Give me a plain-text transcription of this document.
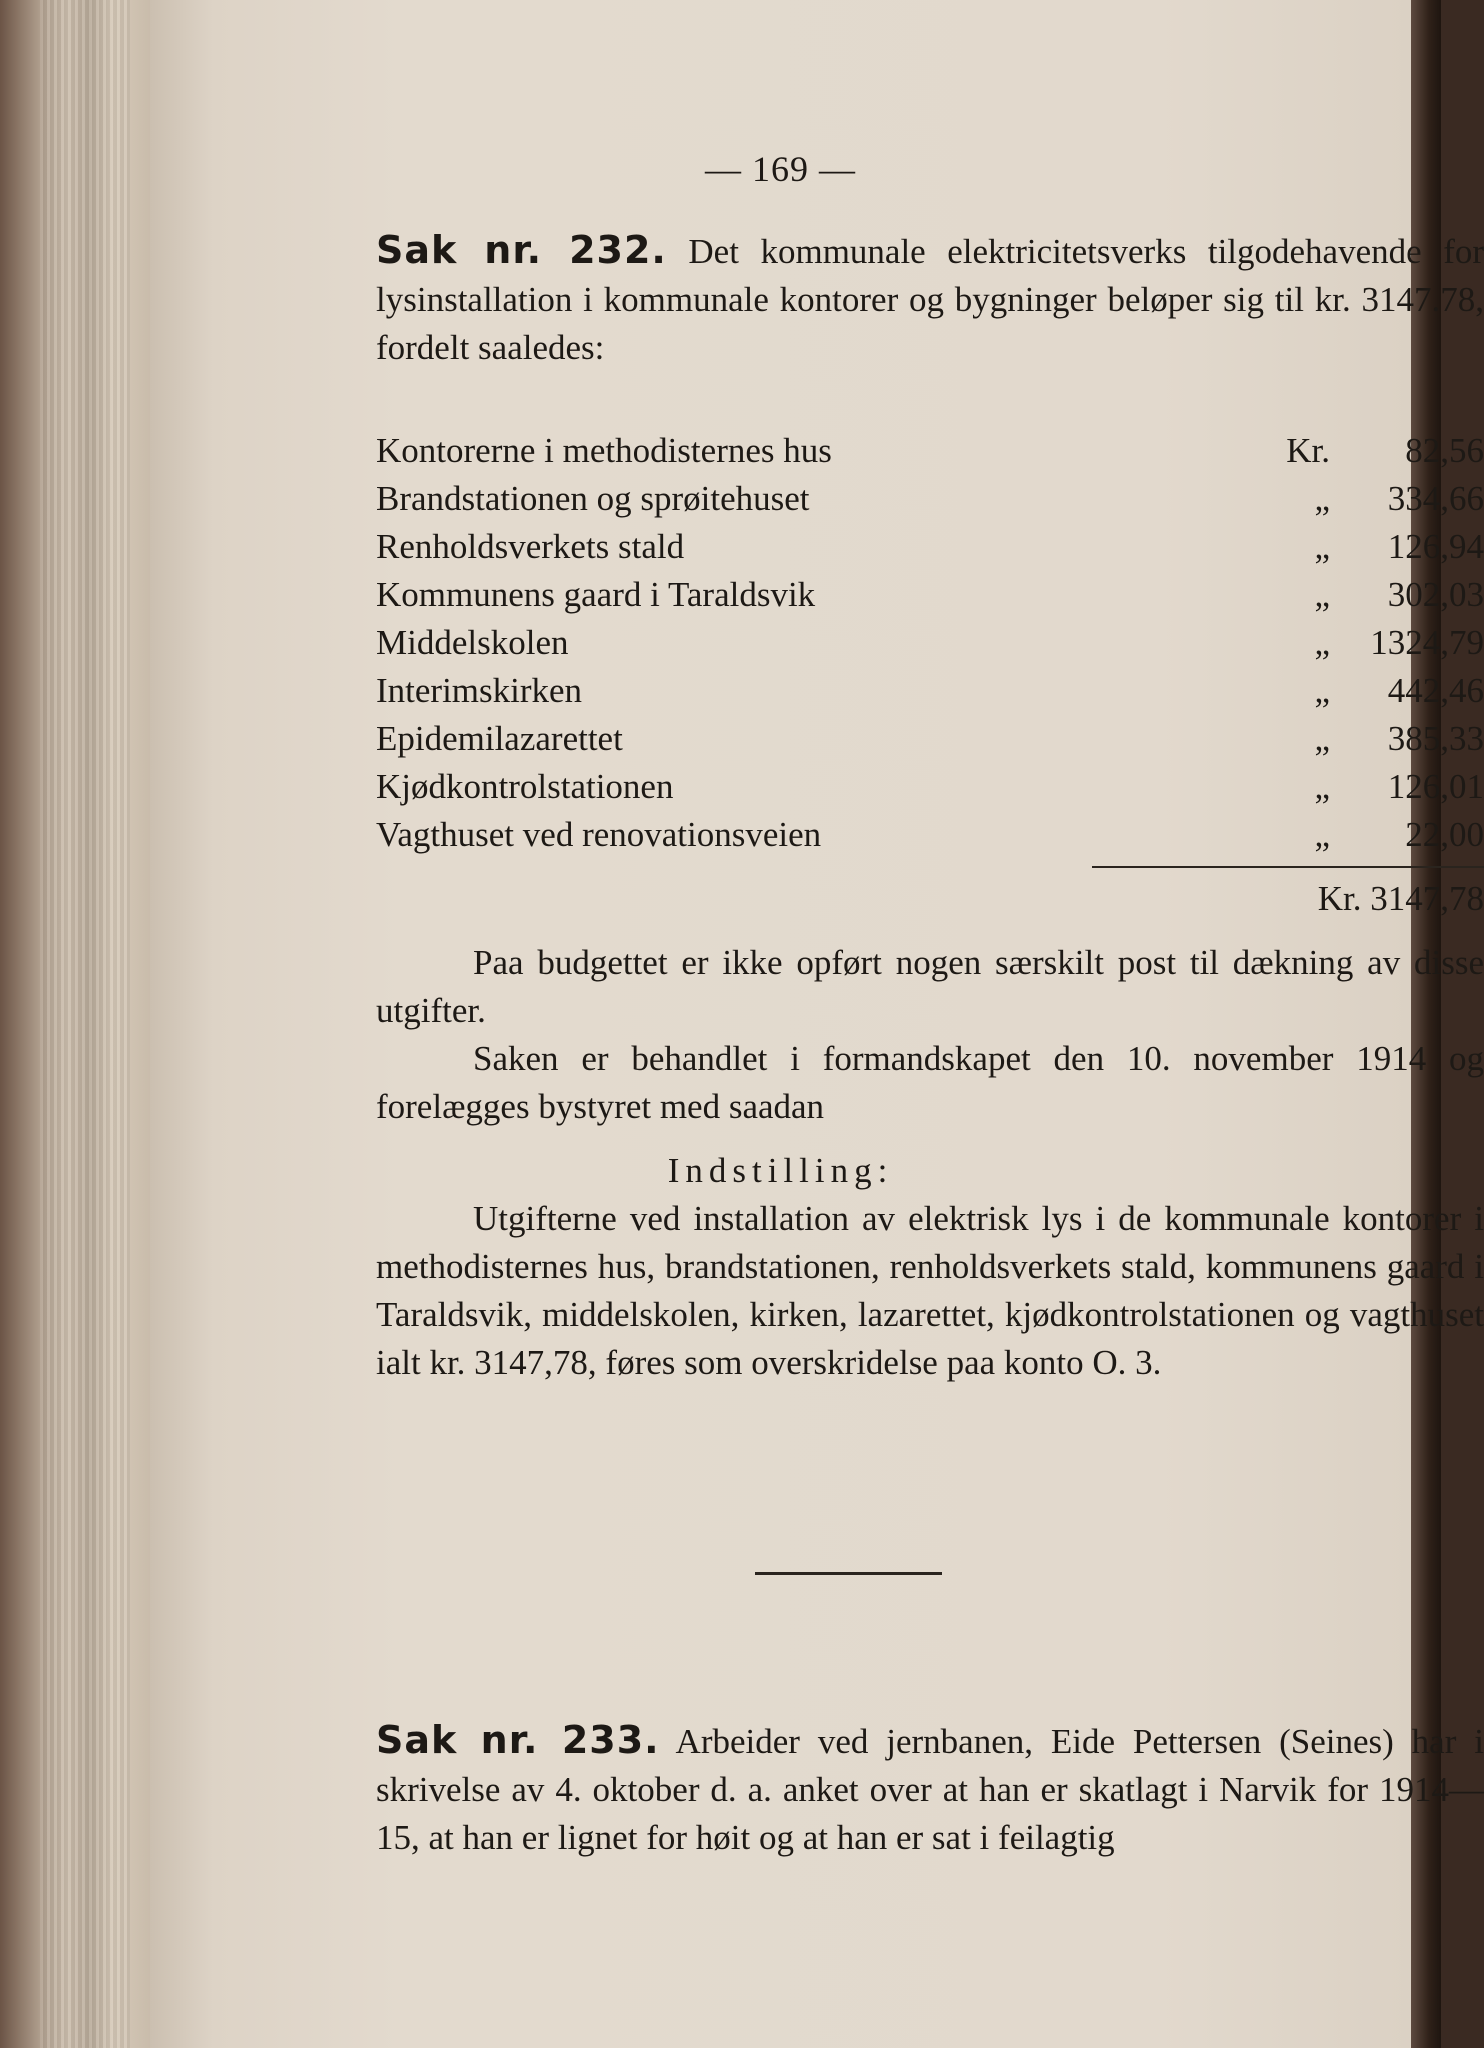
— 169 —
Sak nr. 232. Det kommunale elektricitetsverks tilgodehavende for lysinstallation i kommunale kontorer og bygninger beløper sig til kr. 3147.78, fordelt saaledes:
Kontorerne i methodisternes hus	Kr. 82,56
Brandstationen og sprøitehuset	„ 334,66
Renholdsverkets stald	„ 126,94
Kommunens gaard i Taraldsvik	„ 302,03
Middelskolen	„ 1324,79
Interimskirken	„ 442,46
Epidemilazarettet	„ 385,33
Kjødkontrolstationen	„ 126,01
Vagthuset ved renovationsveien	„ 22,00
Kr. 3147,78
Paa budgettet er ikke opført nogen særskilt post til dækning av disse utgifter.
Saken er behandlet i formandskapet den 10. november 1914 og forelægges bystyret med saadan
Indstilling:
Utgifterne ved installation av elektrisk lys i de kommunale kontorer i methodisternes hus, brandstationen, renholdsverkets stald, kommunens gaard i Taraldsvik, middelskolen, kirken, lazarettet, kjødkontrolstationen og vagthuset ialt kr. 3147,78, føres som overskridelse paa konto O. 3.
Sak nr. 233. Arbeider ved jernbanen, Eide Pettersen (Seines) har i skrivelse av 4. oktober d. a. anket over at han er skatlagt i Narvik for 1914—15, at han er lignet for høit og at han er sat i feilagtig
